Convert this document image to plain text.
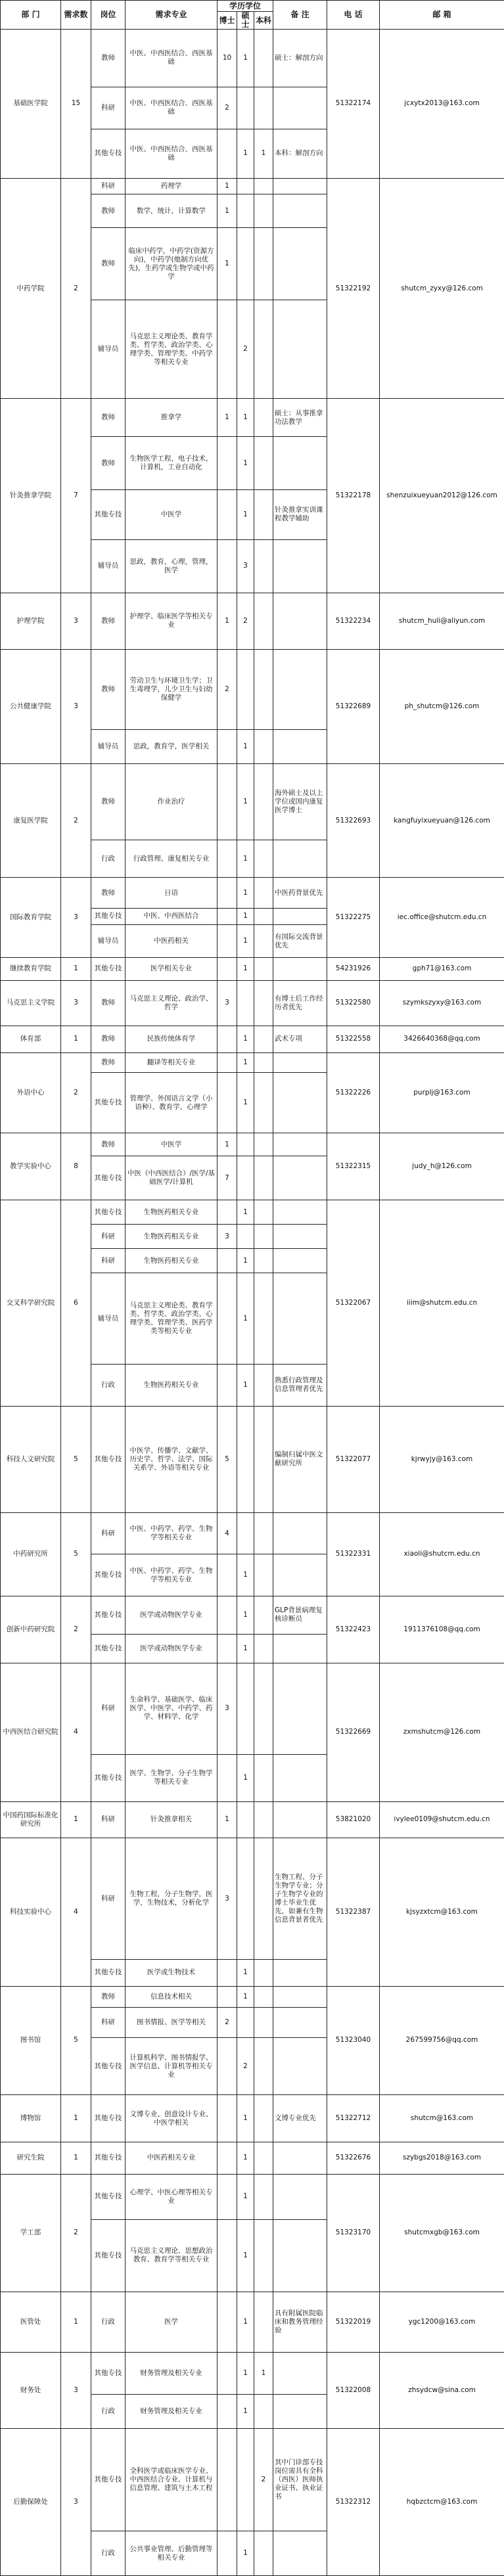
部 门	需求数	岗位	需求专业	学历学位			备 注	电 话	邮 箱
				博士	硕士	本科			
基础医学院	15	教师	中医、中西医结合、西医基础	10	1		硕士：解剖方向	51322174	jcxytx2013@163.com
		科研	中医、中西医结合、西医基础	2					
		其他专技	中医、中西医结合、西医基础		1	1	本科：解剖方向		
中药学院	2	科研	药理学	1				51322192	shutcm_zyxy@126.com
		教师	数学，统计，计算数学	1					
		教师	临床中药学，中药学(资源方向)，中药学(炮制方向优先)，生药学或生物学或中药学	1					
		辅导员	马克思主义理论类、教育学类、哲学类、政治学类、心理学类、管理学类、中药学等相关专业		2				
针灸推拿学院	7	教师	推拿学	1	1		硕士：从事推拿功法教学	51322178	shenzuixueyuan2012@126.com
		教师	生物医学工程，电子技术，计算机，工业自动化		1				
		其他专技	中医学		1		针灸推拿实训课程教学辅助		
		辅导员	思政，教育，心理，管理，医学		3				
护理学院	3	教师	护理学、临床医学等相关专业	1	2			51322234	shutcm_huli@aliyun.com
公共健康学院	3	教师	劳动卫生与环境卫生学；卫生毒理学，儿少卫生与妇幼保健学	2				51322689	ph_shutcm@126.com
		辅导员	思政，教育学，医学相关		1				
康复医学院	2	教师	作业治疗		1		海外硕士及以上学位或国内康复医学博士	51322693	kangfuyixueyuan@126.com
		行政	行政管理、康复相关专业		1				
国际教育学院	3	教师	日语		1		中医药背景优先	51322275	iec.office@shutcm.edu.cn
		其他专技	中医、中西医结合		1				
		辅导员	中医药相关		1		有国际交流背景优先		
继续教育学院	1	其他专技	医学相关专业		1			54231926	gph71@163.com
马克思主义学院	3	教师	马克思主义理论、政治学、哲学	3			有博士后工作经历者优先	51322580	szymkszyxy@163.com
体育部	1	教师	民族传统体育学		1		武术专项	51322558	3426640368@qq.com
外语中心	2	教师	翻译等相关专业		1			51322226	purplj@163.com
		其他专技	管理学、外国语言文学（小语种）、教育学、心理学		1				
教学实验中心	8	教师	中医学	1				51322315	judy_h@126.com
		其他专技	中医（中西医结合）/医学/基础医学/计算机	7					
交叉科学研究院	6	其他专技	生物医药相关专业		1			51322067	iiim@shutcm.edu.cn
		科研	生物医药相关专业	3					
		科研	生物医药相关专业		1				
		辅导员	马克思主义理论类、教育学类、哲学类、政治学类、心理学类、管理学类、医药学类等相关专业		1				
		行政	生物医药相关专业		1		熟悉行政管理及信息管理者优先		
科技人文研究院	5	其他专技	中医学、传播学、文献学、历史学、哲学、法学、国际关系学、外语等相关专业	5			编制归属中医文献研究所	51322077	kjrwyjy@163.com
中药研究所	5	科研	中医、中药学、药学、生物学等相关专业	4				51322331	xiaoli@shutcm.edu.cn
		其他专技	中医、中药学、药学、生物学等相关专业		1				
创新中药研究院	2	其他专技	医学或动物医学专业		1		GLP背景病理复核诊断员	51322423	1911376108@qq.com
		其他专技	医学或动物医学专业		1				
中西医结合研究院	4	科研	生命科学、基础医学、临床医学、中医学、中药学、药学、材料学、化学	3				51322669	zxmshutcm@126.com
		其他专技	医学、生物学、分子生物学等相关专业		1				
中国药国际标准化研究所	1	科研	针灸推拿相关	1				53821020	ivylee0109@shutcm.edu.cn
科技实验中心	4	科研	生物工程，分子生物学，医学，生物技术，分析化学	3			生物工程、分子生物学专业；分子生物学专业的博士毕业生优先，如兼有生物信息背景者优先	51322387	kjsyzxtcm@163.com
		其他专技	医学或生物技术		1				
图书馆	5	教师	信息技术相关		1			51323040	267599756@qq.com
		科研	图书情报、医学等相关	2					
		其他专技	计算机科学、图书情报学、医学信息、计算机等相关专业		2				
博物馆	1	其他专技	文博专业、创意设计专业、中医学相关		1		文博专业优先	51322712	shutcm@163.com
研究生院	1	其他专技	中医药相关专业		1			51322676	szybgs2018@163.com
学工部	2	其他专技	心理学、中医心理等相关专业		1			51323170	shutcmxgb@163.com
		其他专技	马克思主义理论、思想政治教育、教育学等相关专业		1				
医管处	1	行政	医学		1		具有附属医院临床和教务管理经验	51322019	ygc1200@163.com
财务处	3	其他专技	财务管理及相关专业		1	1		51322008	zhsydcw@sina.com
		行政	财务管理及相关专业		1				
后勤保障处	3	其他专技	全科医学或临床医学专业、中西医结合专业、计算机与信息管理、建筑与土木工程			2	其中门诊部专技岗位需具有全科（西医）医师执业证书、执业证书	51322312	hqbzctcm@163.com
		行政	公共事业管理、后勤管理等相关专业		1				
